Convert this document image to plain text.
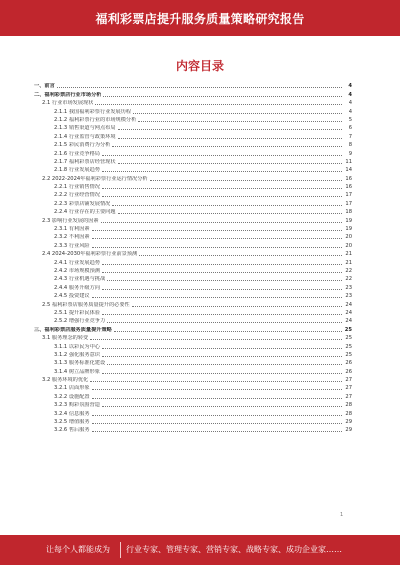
福利彩票店提升服务质量策略研究报告
内容目录
一、前言	4
二、福利彩票店行业市场分析	4
2.1 行业市场发展现状	4
2.1.1 我国福利彩票行业发展历程	4
2.1.2 福利彩票行业的市场规模分析	5
2.1.3 销售渠道与网点布局	6
2.1.4 行业监管与政策环境	7
2.1.5 彩民消费行为分析	8
2.1.6 行业竞争格局	9
2.1.7 福利彩票店经营现状	11
2.1.8 行业发展趋势	14
2.2 2022-2024年福利彩票行业运行情况分析	16
2.2.1 行业销售情况	16
2.2.2 行业经营情况	17
2.2.3 彩票店铺发展情况	17
2.2.4 行业存在的主要问题	18
2.3 影响行业发展的因素	19
2.3.1 有利因素	19
2.3.2 不利因素	20
2.3.3 行业风险	20
2.4 2024-2030年福利彩票行业前景预测	21
2.4.1 行业发展趋势	21
2.4.2 市场规模预测	22
2.4.3 行业机遇与挑战	22
2.4.4 服务升级方向	23
2.4.5 投资建议	23
2.5 福利彩票店服务质量提升的必要性	24
2.5.1 提升彩民体验	24
2.5.2 增强行业竞争力	24
三、福利彩票店服务质量提升策略	25
3.1 服务理念的转变	25
3.1.1 以彩民为中心	25
3.1.2 强化服务意识	25
3.1.3 服务标准化建设	26
3.1.4 树立品牌形象	26
3.2 服务环境的优化	27
3.2.1 店面形象	27
3.2.2 设施配置	27
3.2.3 购彩氛围营造	28
3.2.4 信息服务	28
3.2.5 增值服务	29
3.2.6 售后服务	29
1
让每个人都能成为 行业专家、管理专家、营销专家、战略专家、成功企业家……
